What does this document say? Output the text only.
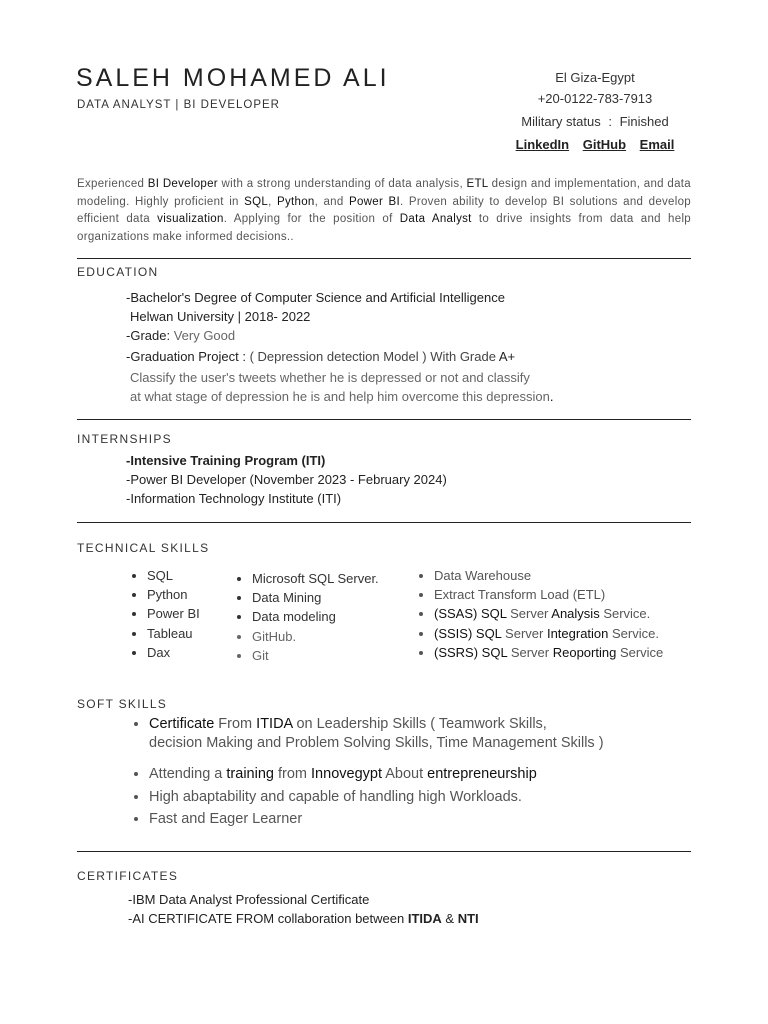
SALEH MOHAMED ALI
DATA ANALYST | BI DEVELOPER
El Giza-Egypt
+20-0122-783-7913
Military status : Finished
LinkedIn GitHub Email
Experienced BI Developer with a strong understanding of data analysis, ETL design and implementation, and data modeling. Highly proficient in SQL, Python, and Power BI. Proven ability to develop BI solutions and develop efficient data visualization. Applying for the position of Data Analyst to drive insights from data and help organizations make informed decisions..
EDUCATION
-Bachelor's Degree of Computer Science and Artificial Intelligence
Helwan University | 2018- 2022
-Grade: Very Good
-Graduation Project : ( Depression detection Model ) With Grade A+
Classify the user's tweets whether he is depressed or not and classify
at what stage of depression he is and help him overcome this depression.
INTERNSHIPS
-Intensive Training Program (ITI)
-Power BI Developer (November 2023 - February 2024)
-Information Technology Institute (ITI)
TECHNICAL SKILLS
• SQL
• Python
• Power BI
• Tableau
• Dax
• Microsoft SQL Server.
• Data Mining
• Data modeling
• GitHub.
• Git
• Data Warehouse
• Extract Transform Load (ETL)
• (SSAS) SQL Server Analysis Service.
• (SSIS) SQL Server Integration Service.
• (SSRS) SQL Server Reoporting Service
SOFT SKILLS
• Certificate From ITIDA on Leadership Skills ( Teamwork Skills,
decision Making and Problem Solving Skills, Time Management Skills )
• Attending a training from Innovegypt About entrepreneurship
• High abaptability and capable of handling high Workloads.
• Fast and Eager Learner
CERTIFICATES
-IBM Data Analyst Professional Certificate
-AI CERTIFICATE FROM collaboration between ITIDA & NTI
